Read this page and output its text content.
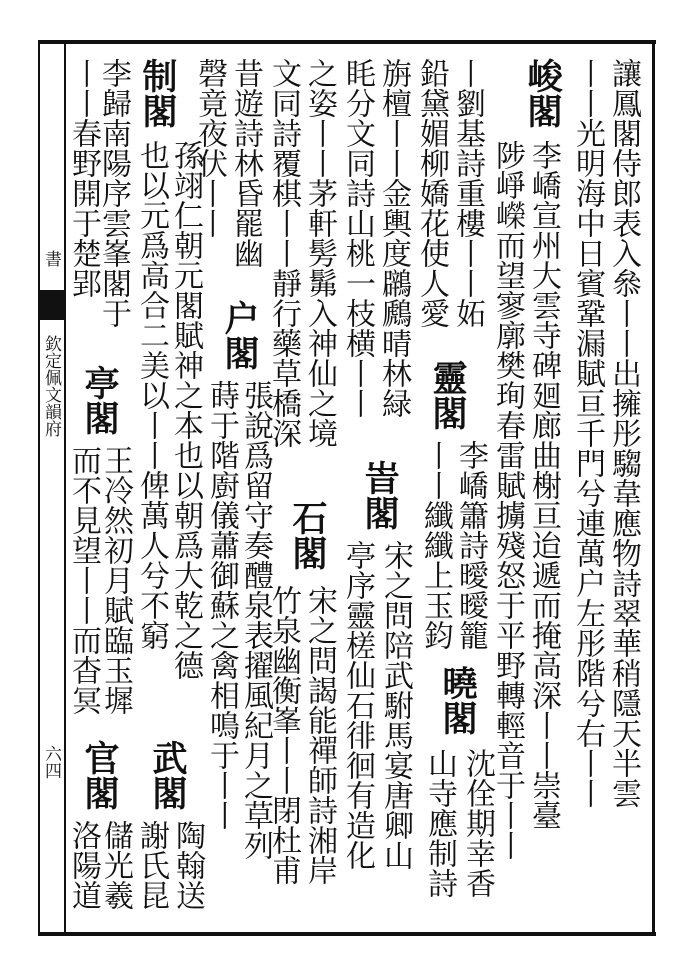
欽定佩文韻府
書
六四	讓鳳閣侍郎表入叅丨丨出擁彤騶韋應物詩翠華稍隱天半雲
丨丨光明海中日賓鞏漏賦亘千門兮連萬户左彤階兮右丨丨
峻閣
李嶠宣州大雲寺碑廻廊曲榭亘迨遞而掩高深丨丨崇臺
陟崢嶸而望寥廓樊珣春雷賦擄殘怒于平野轉輕音于丨丨
丨劉基詩重樓丨丨妬
靈閣
李嶠簫詩曖曖籠
鉛黛媚柳嬌花使人愛
丨丨纖纖上玉鈞
曉閣
沈佺期幸香
山寺應制詩
旃檀丨丨金輿度鸊鷉晴林緑
峕閣
宋之問陪武駙馬宴唐卿山
眊分文同詩山桃一枝横丨丨
亭序靈槎仙石徘徊有造化
之姿丨丨茅軒髣髴入神仙之境
石閣
宋之問謁能禪師詩湘岸
文同詩覆棋丨丨靜行藥草橋深
竹泉幽衡峯丨丨閉杜甫
昔遊詩林昏罷幽
户閣
張說爲留守奏醴泉表擢風紀月之草列
磬竟夜伏丨丨
蒔于階廚儀蕭御蘇之禽相鳴于丨丨
孫翊仁朝元閣賦神之本也以朝爲大乾之德
武閣
陶翰送
制閣
也以元爲高合二美以丨丨俾萬人兮不窮
謝氏昆
李歸南陽序雲峯閣于
亭閣
王冷然初月賦臨玉墀
儲光羲
丨丨春野開于楚郢
而不見望丨丨而杳冥
官閣
洛陽道
